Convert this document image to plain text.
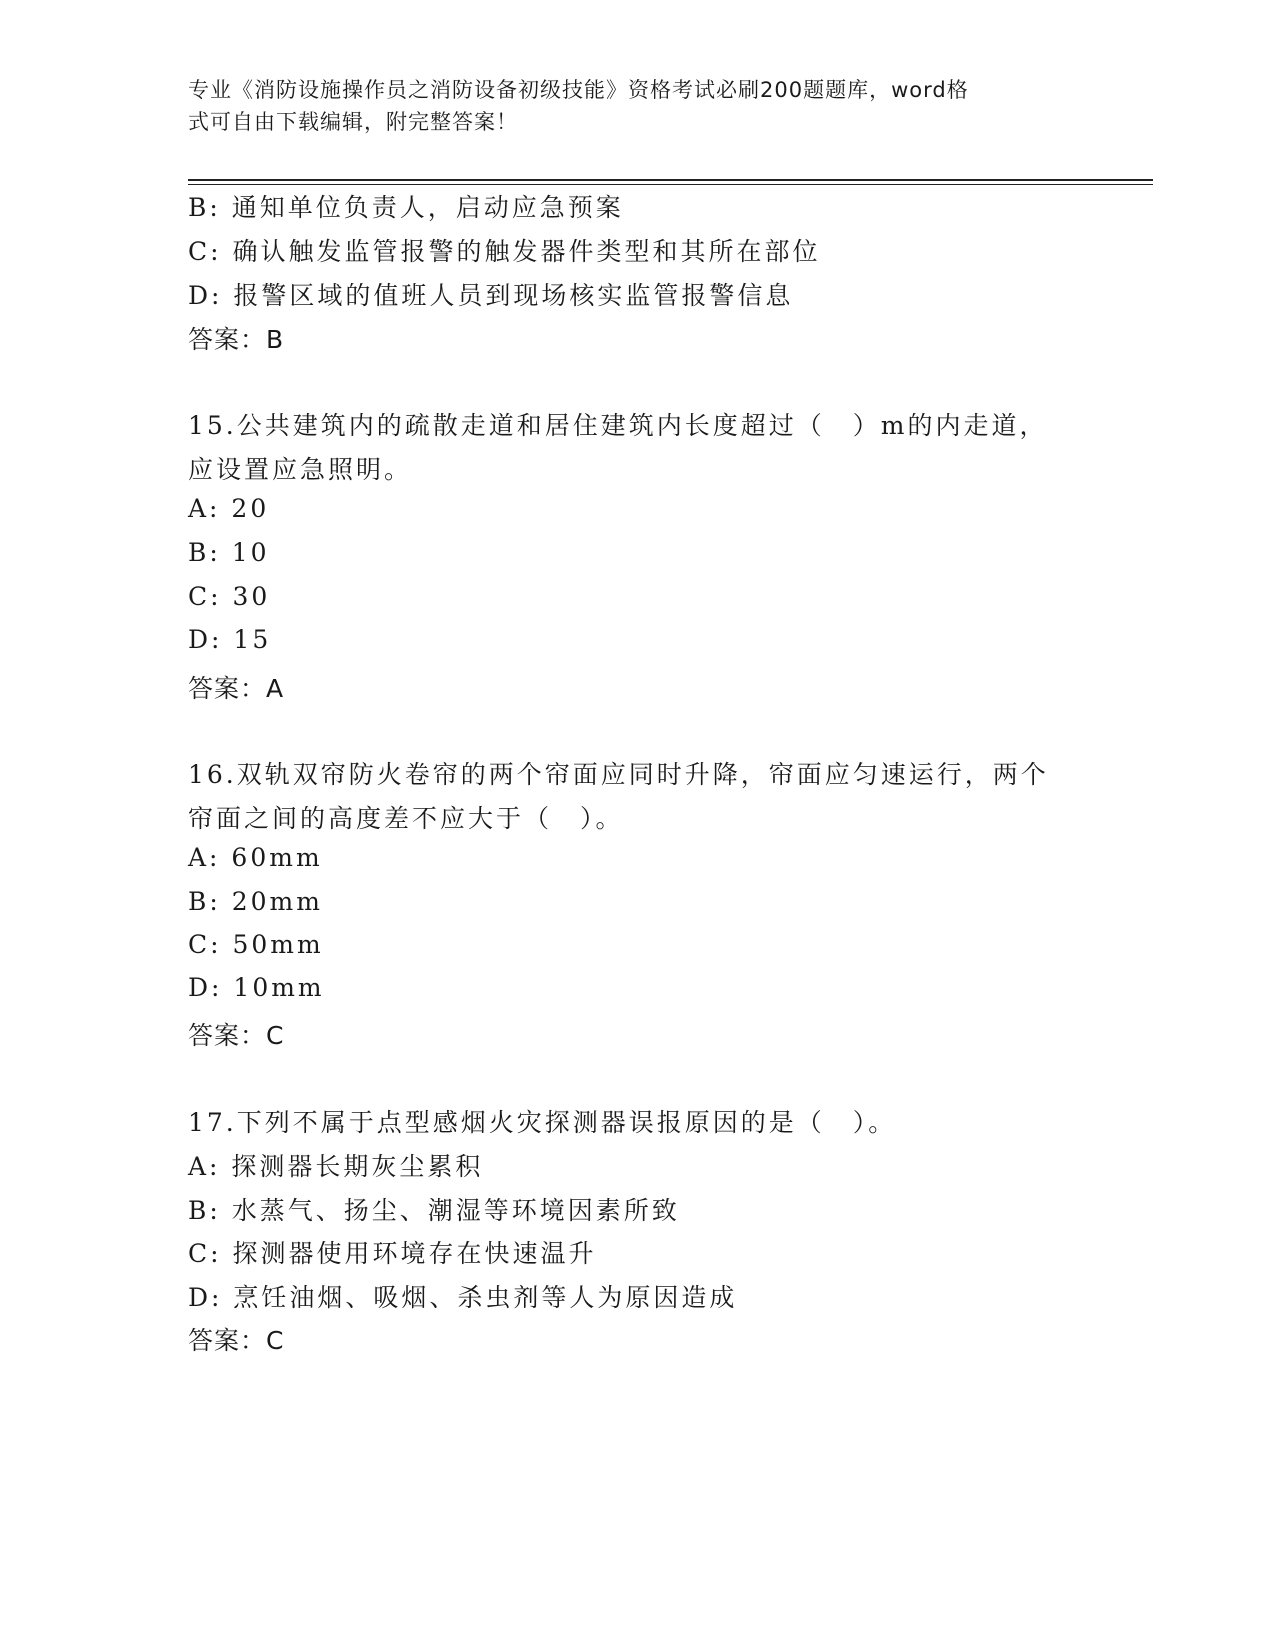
专业《消防设施操作员之消防设备初级技能》资格考试必刷200题题库，word格
式可自由下载编辑，附完整答案！
B: 通知单位负责人，启动应急预案
C: 确认触发监管报警的触发器件类型和其所在部位
D: 报警区域的值班人员到现场核实监管报警信息
答案：B
15.公共建筑内的疏散走道和居住建筑内长度超过（　）m的内走道，
应设置应急照明。
A: 20
B: 10
C: 30
D: 15
答案：A
16.双轨双帘防火卷帘的两个帘面应同时升降，帘面应匀速运行，两个
帘面之间的高度差不应大于（　）。
A: 60mm
B: 20mm
C: 50mm
D: 10mm
答案：C
17.下列不属于点型感烟火灾探测器误报原因的是（　）。
A: 探测器长期灰尘累积
B: 水蒸气、扬尘、潮湿等环境因素所致
C: 探测器使用环境存在快速温升
D: 烹饪油烟、吸烟、杀虫剂等人为原因造成
答案：C
